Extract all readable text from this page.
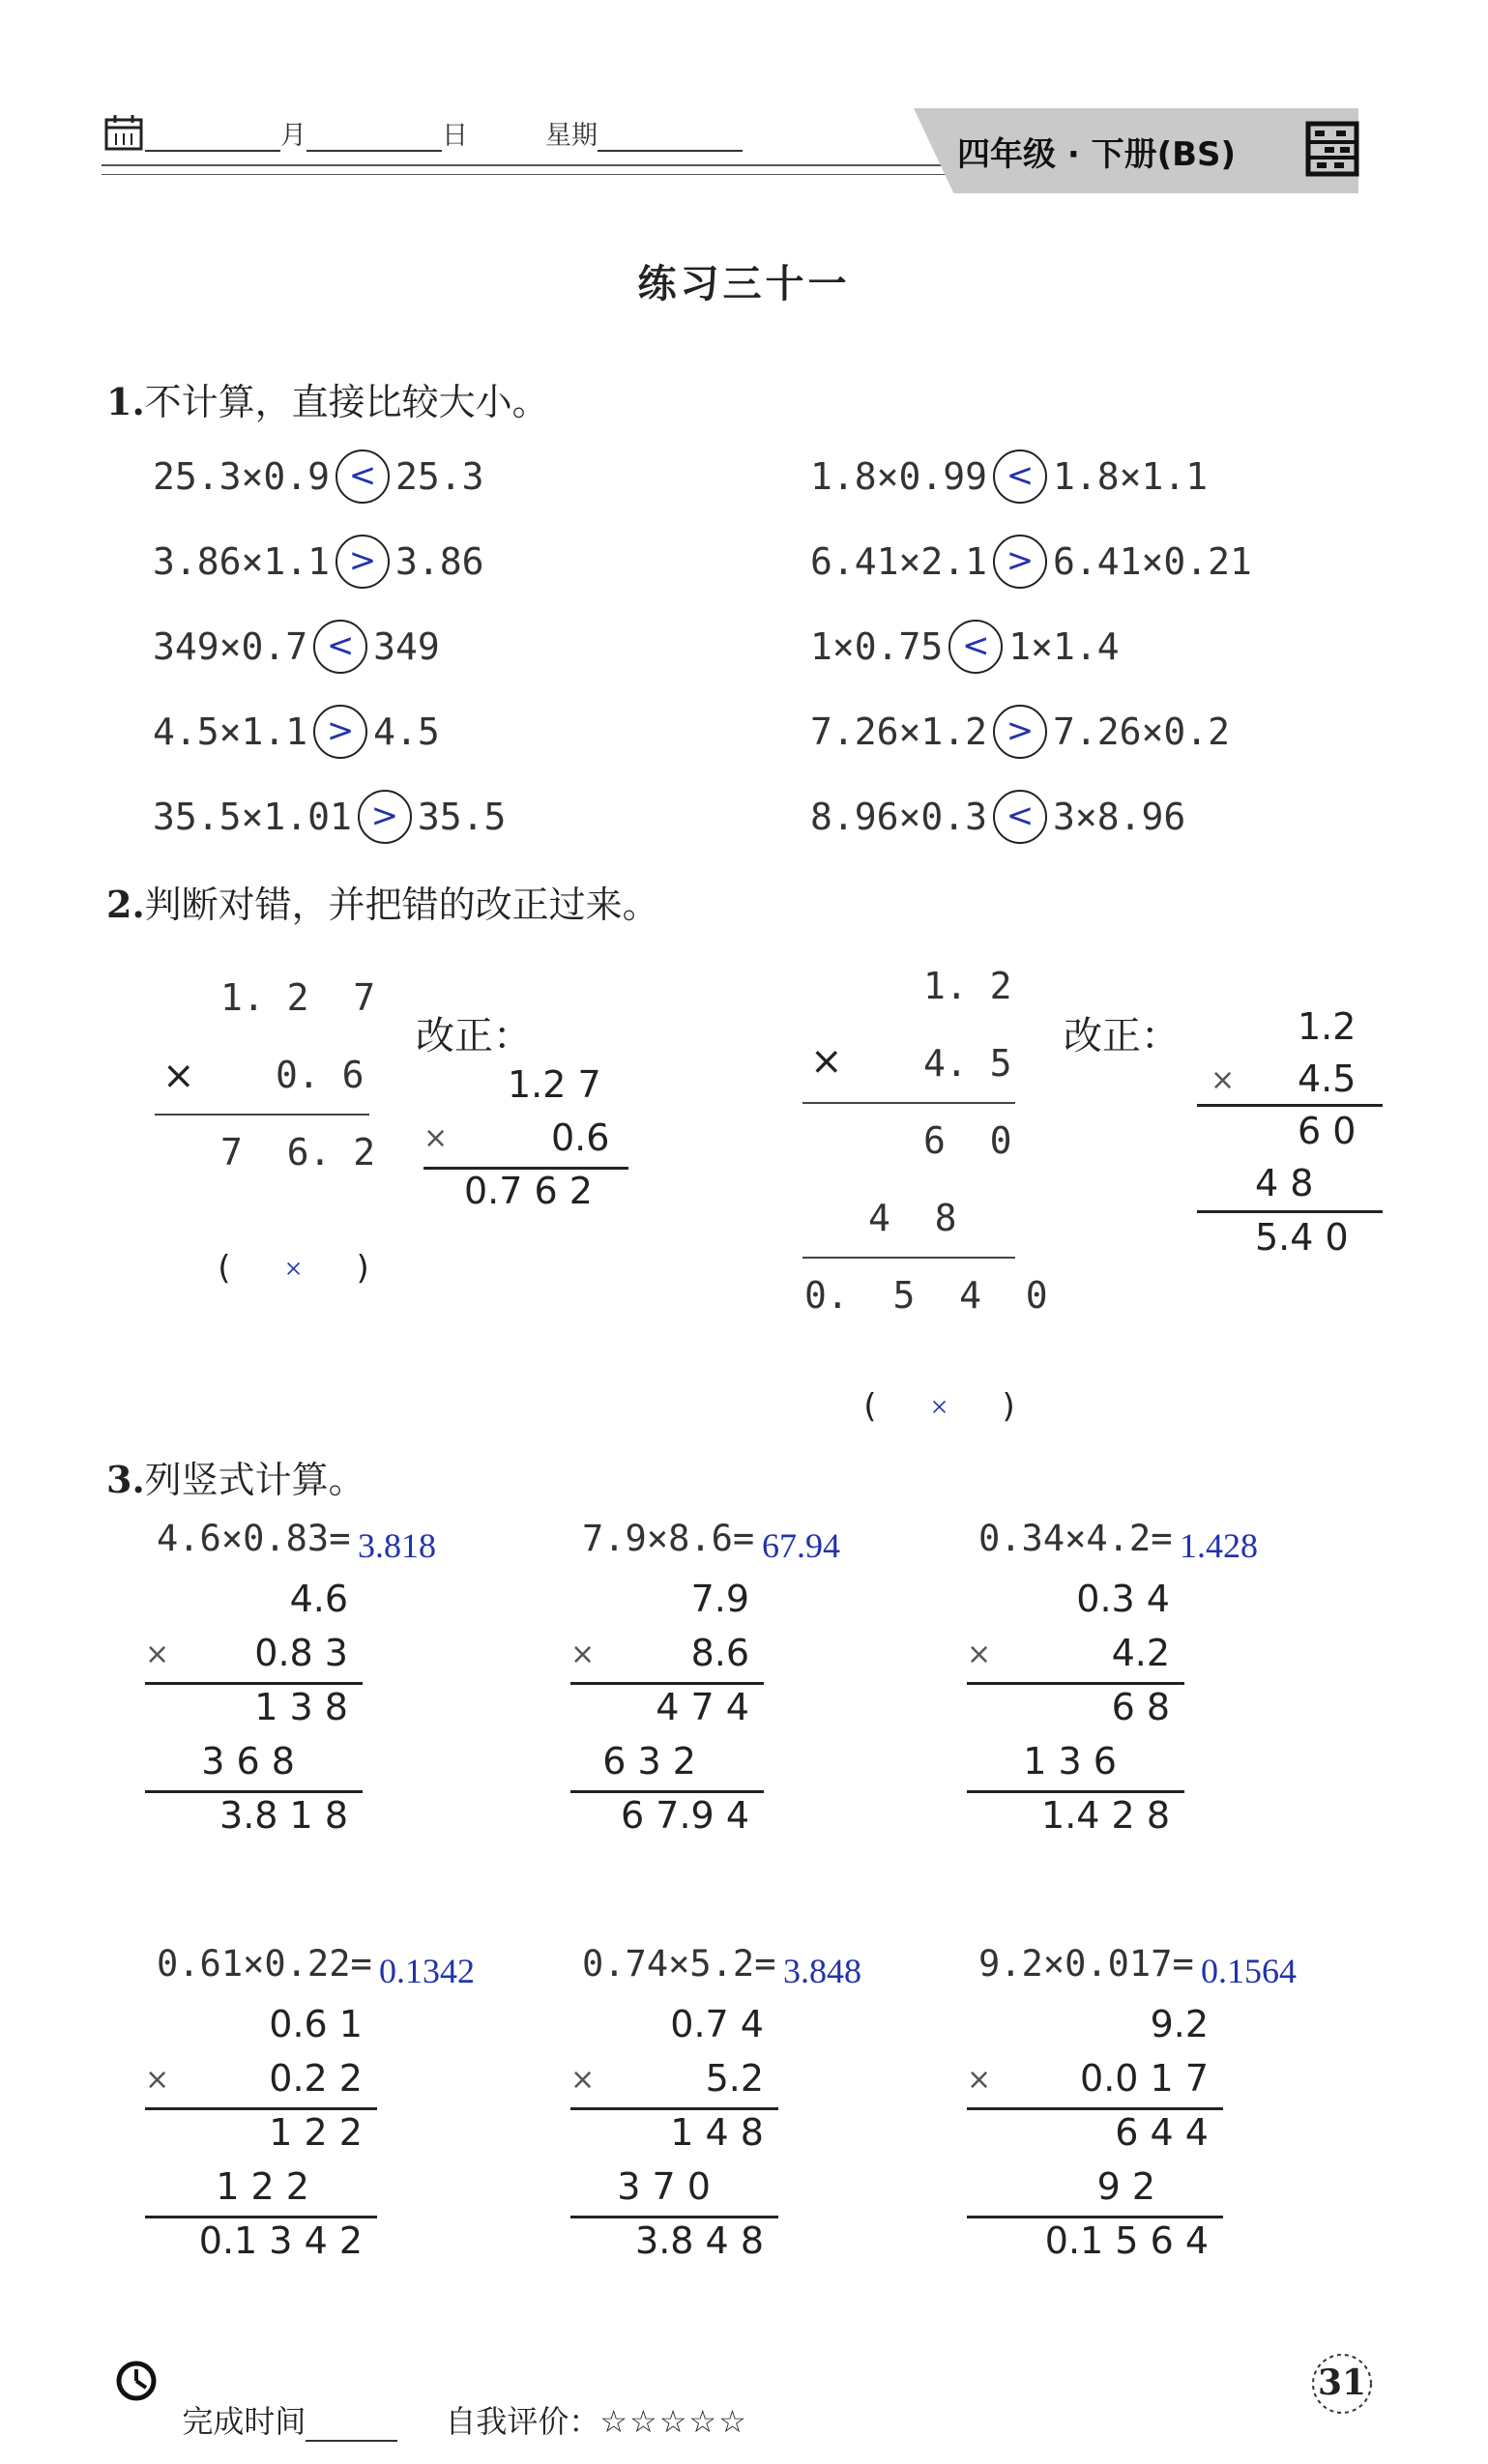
月	日	星期	四年级 · 下册(BS)
练习三十一
1.不计算，直接比较大小。
25.3×0.9 < 25.3	1.8×0.99 < 1.8×1.1
3.86×1.1 > 3.86	6.41×2.1 > 6.41×0.21
349×0.7 < 349	1×0.75 < 1×1.4
4.5×1.1 > 4.5	7.26×1.2 > 7.26×0.2
35.5×1.01 > 35.5	8.96×0.3 < 3×8.96
2.判断对错，并把错的改正过来。
1. 2  7
× 0. 6
7  6. 2

( × )

改正：
1.2 7
×	0.6
0.7 6 2
1. 2
× 4. 5
6  0
4  8
0.  5  4  0

( × )

改正：	1.2
× 4.5
6 0
4 8
5.4 0
3.列竖式计算。
4.6×0.83= 3.818
4.6
0.8 3
1 3 8
3 6 8
3.8 1 8
×
7.9×8.6= 67.94
7.9
8.6
4 7 4
6 3 2
6 7.9 4
×
0.34×4.2= 1.428
0.3 4
4.2
6 8
1 3 6
1.4 2 8
×
0.61×0.22= 0.1342
0.6 1
0.2 2
1 2 2
1 2 2
0.1 3 4 2
×
0.74×5.2= 3.848
0.7 4
5.2
1 4 8
3 7 0
3.8 4 8
×
9.2×0.017= 0.1564
9.2
0.0 1 7
6 4 4
9 2
0.1 5 6 4
×

完成时间	自我评价：☆☆☆☆☆

31
